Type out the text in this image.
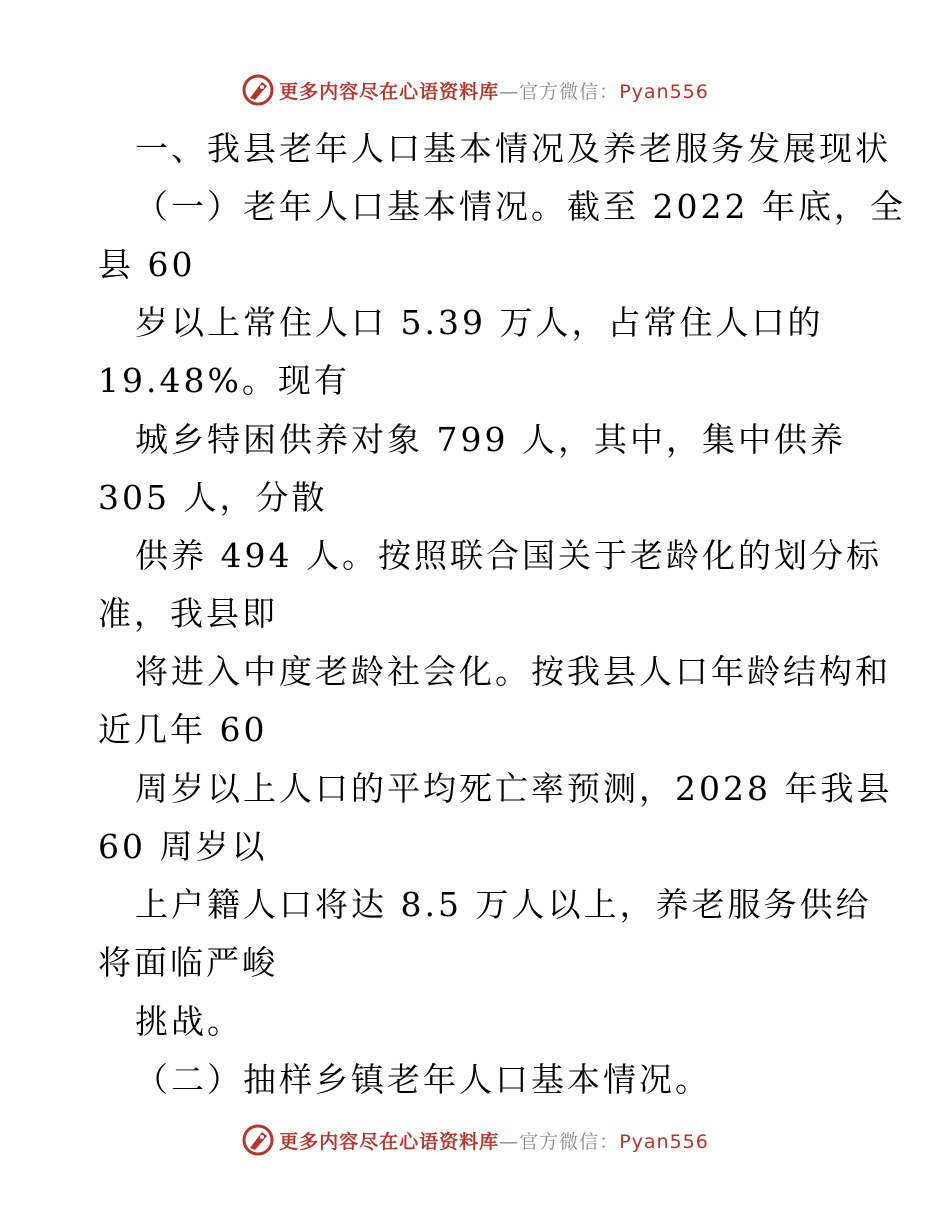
更多内容尽在心语资料库—官方微信：Pyan556
一、我县老年人口基本情况及养老服务发展现状
（一）老年人口基本情况。截至 2022 年底，全
县 60
岁以上常住人口 5.39 万人，占常住人口的
19.48%。现有
城乡特困供养对象 799 人，其中，集中供养
305 人，分散
供养 494 人。按照联合国关于老龄化的划分标
准，我县即
将进入中度老龄社会化。按我县人口年龄结构和
近几年 60
周岁以上人口的平均死亡率预测，2028 年我县
60 周岁以
上户籍人口将达 8.5 万人以上，养老服务供给
将面临严峻
挑战。
（二）抽样乡镇老年人口基本情况。
更多内容尽在心语资料库—官方微信：Pyan556
